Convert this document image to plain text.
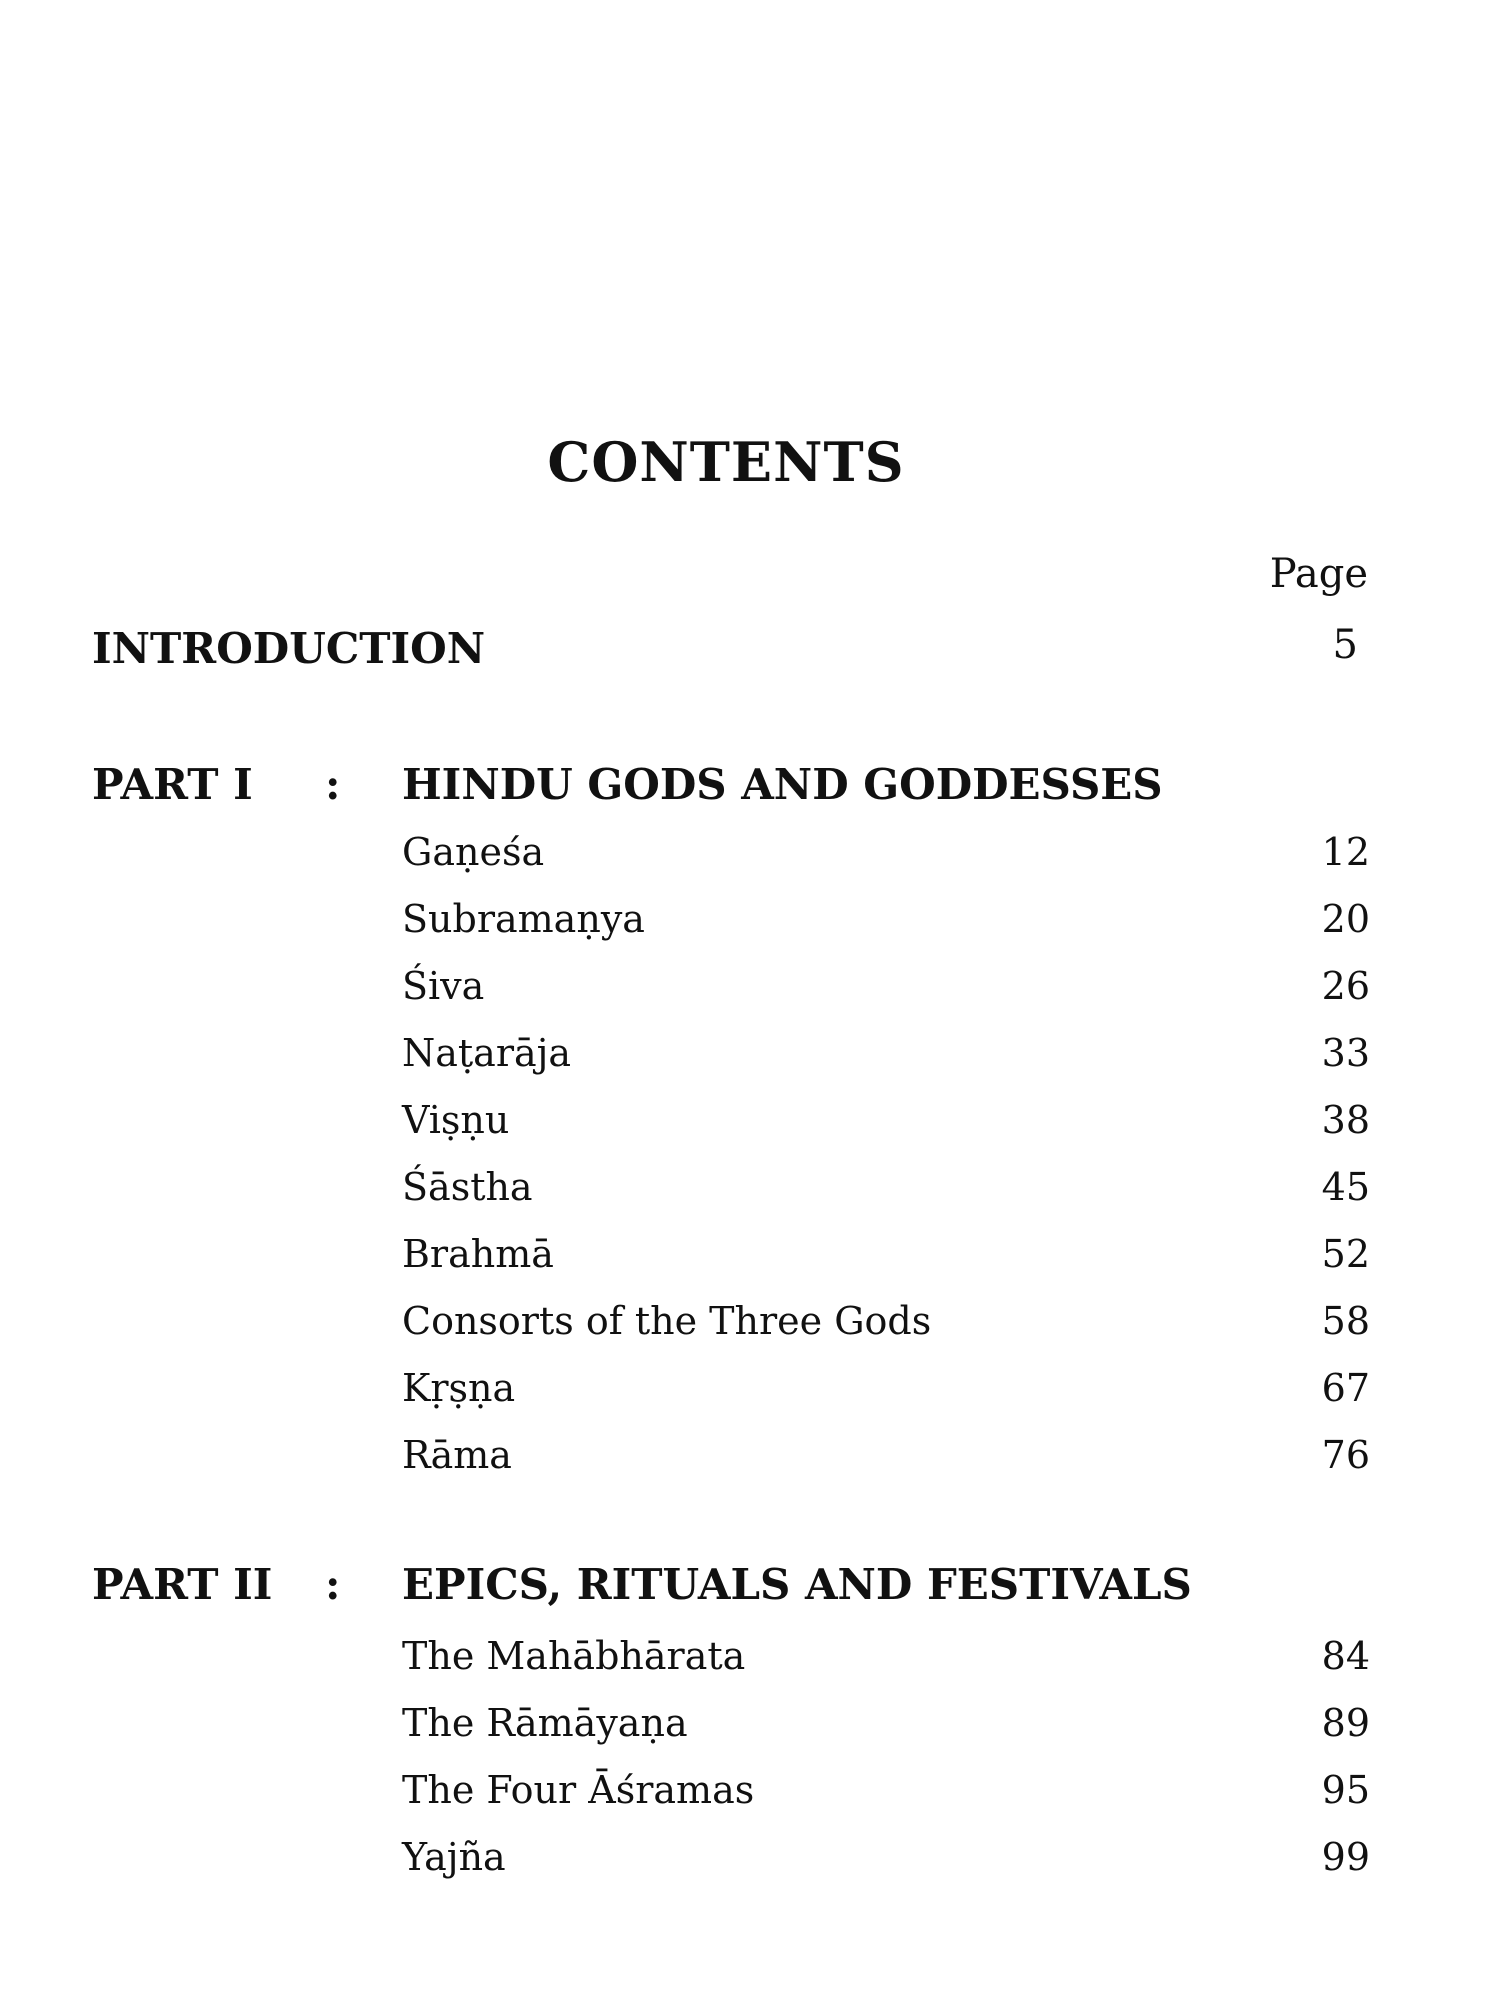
CONTENTS
Page
INTRODUCTION	5
PART I : HINDU GODS AND GODDESSES
Gaṇeśa	12
Subramaṇya	20
Śiva	26
Naṭarāja	33
Viṣṇu	38
Śāstha	45
Brahmā	52
Consorts of the Three Gods	58
Kṛṣṇa	67
Rāma	76
PART II : EPICS, RITUALS AND FESTIVALS
The Mahābhārata	84
The Rāmāyaṇa	89
The Four Āśramas	95
Yajña	99
